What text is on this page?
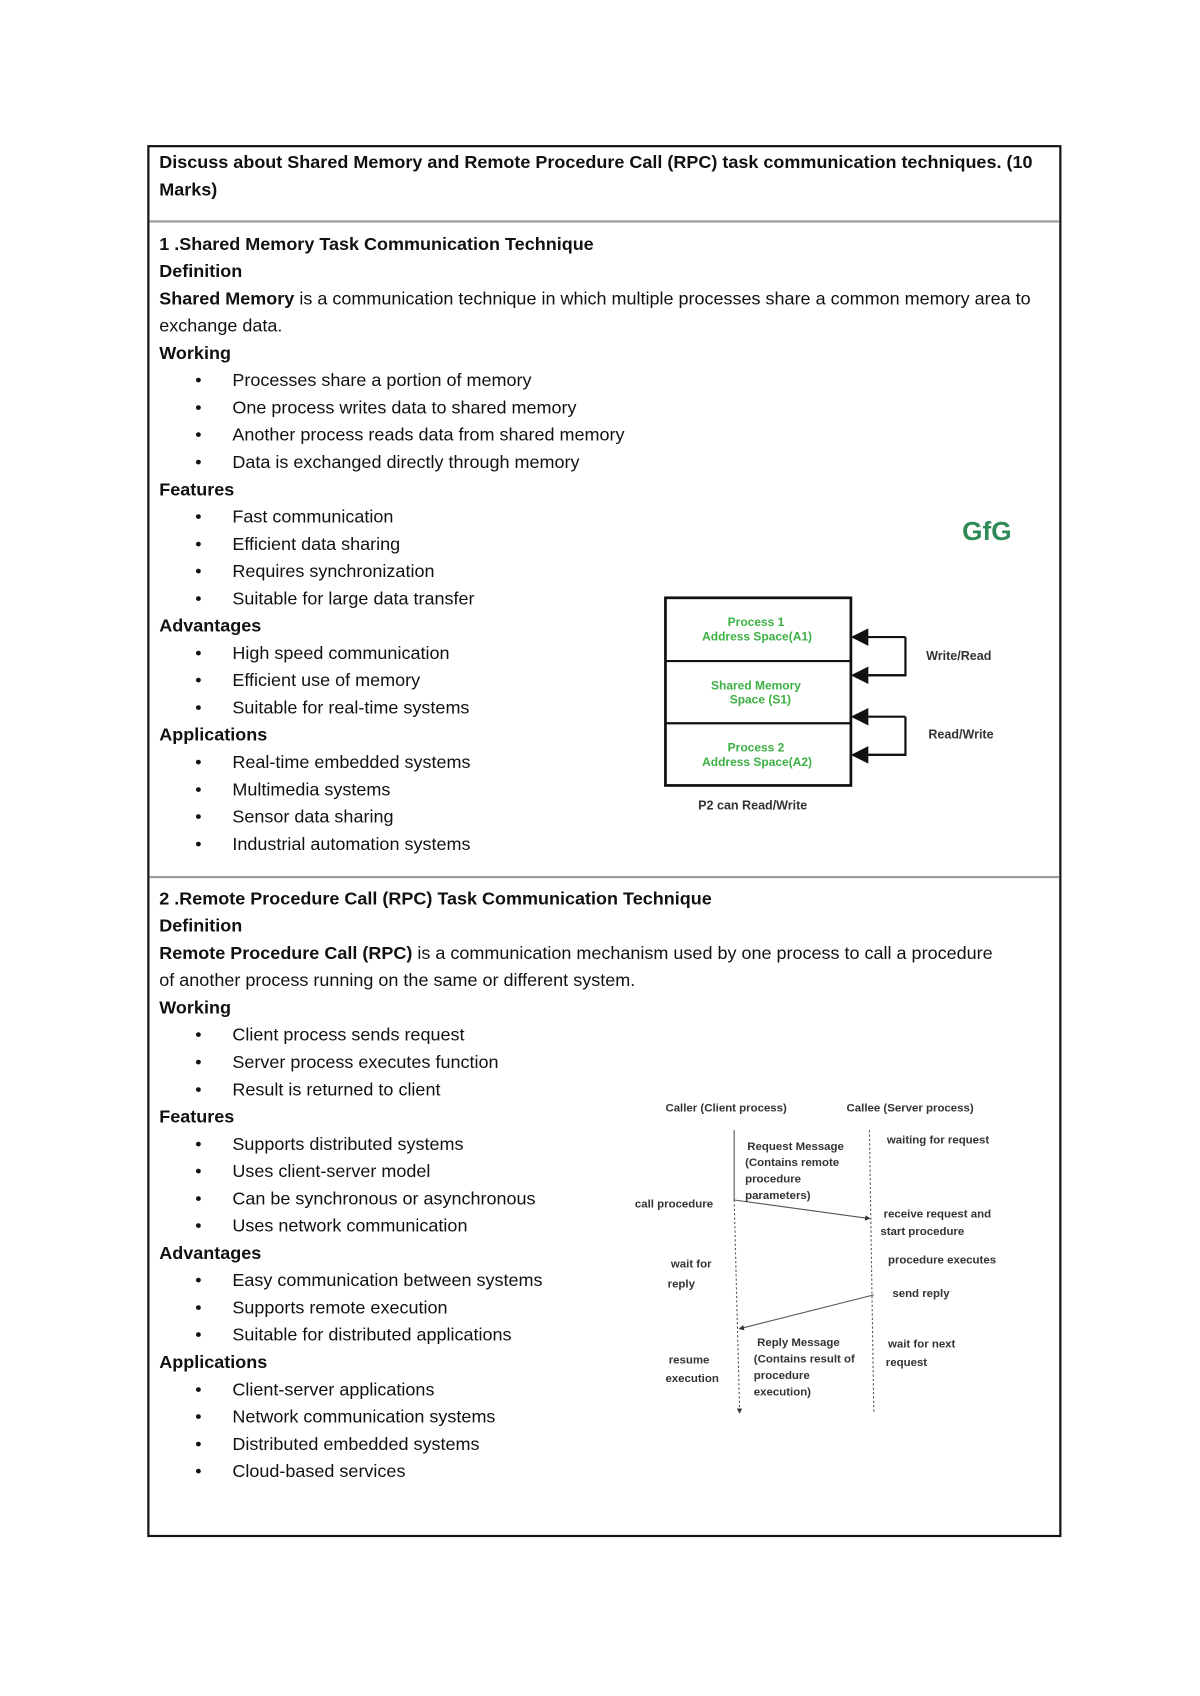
Discuss about Shared Memory and Remote Procedure Call (RPC) task communication techniques. (10 Marks)
1 .Shared Memory Task Communication Technique
Definition
Shared Memory is a communication technique in which multiple processes share a common memory area to exchange data.
Working
• Processes share a portion of memory
• One process writes data to shared memory
• Another process reads data from shared memory
• Data is exchanged directly through memory
Features
• Fast communication
• Efficient data sharing
• Requires synchronization
• Suitable for large data transfer
Advantages
• High speed communication
• Efficient use of memory
• Suitable for real-time systems
Applications
• Real-time embedded systems
• Multimedia systems
• Sensor data sharing
• Industrial automation systems
2 .Remote Procedure Call (RPC) Task Communication Technique
Definition
Remote Procedure Call (RPC) is a communication mechanism used by one process to call a procedure of another process running on the same or different system.
Working
• Client process sends request
• Server process executes function
• Result is returned to client
Features
• Supports distributed systems
• Uses client-server model
• Can be synchronous or asynchronous
• Uses network communication
Advantages
• Easy communication between systems
• Supports remote execution
• Suitable for distributed applications
Applications
• Client-server applications
• Network communication systems
• Distributed embedded systems
• Cloud-based services
GfG
Process 1
Address Space(A1)
Shared Memory
Space (S1)
Process 2
Address Space(A2)
Write/Read
Read/Write
P2 can Read/Write
Caller (Client process)	Callee (Server process)
waiting for request
Request Message
(Contains remote
procedure
parameters)
call procedure
receive request and
start procedure
procedure executes
wait for
reply
send reply
Reply Message
(Contains result of
procedure
execution)
wait for next
request
resume
execution
